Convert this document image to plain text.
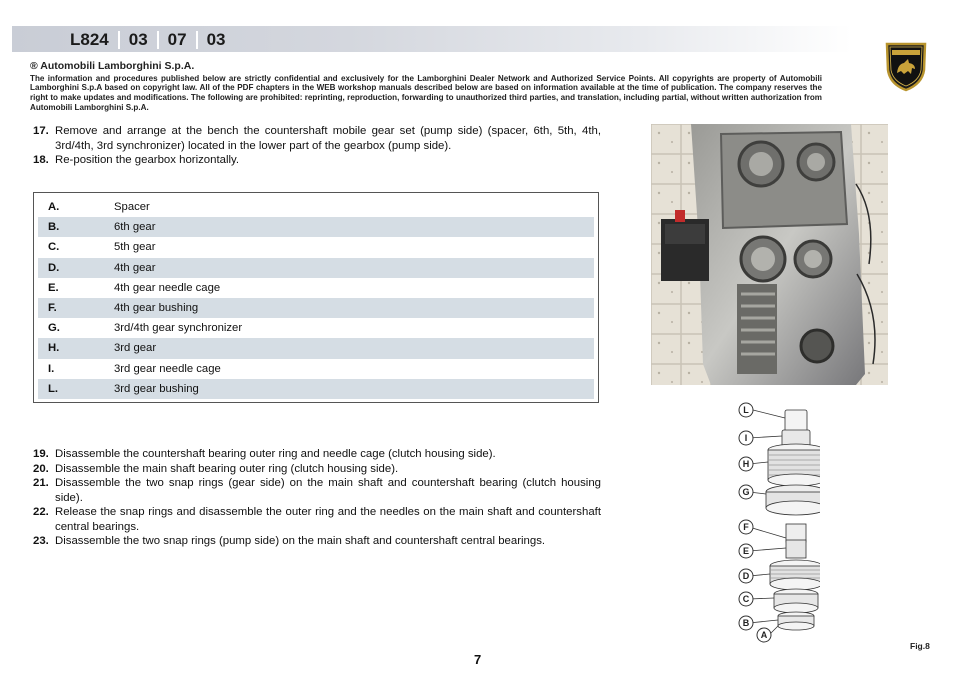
L824	03	07	03
® Automobili Lamborghini S.p.A.
The information and procedures published below are strictly confidential and exclusively for the Lamborghini Dealer Network and Authorized Service Points. All copyrights are property of Automobili Lamborghini S.p.A based on copyright law. All of the PDF chapters in the WEB workshop manuals described below are based on information available at the time of publication. The company reserves the right to make updates and modifications. The following are prohibited: reprinting, reproduction, forwarding to unauthorized third parties, and translation, including partial, without written authorization from Automobili Lamborghini S.p.A.
17. Remove and arrange at the bench the countershaft mobile gear set (pump side) (spacer, 6th, 5th, 4th, 3rd/4th, 3rd synchronizer) located in the lower part of the gearbox (pump side).
18. Re-position the gearbox horizontally.
A.	Spacer
B.	6th gear
C.	5th gear
D.	4th gear
E.	4th gear needle cage
F.	4th gear bushing
G.	3rd/4th gear synchronizer
H.	3rd gear
I.	3rd gear needle cage
L.	3rd gear bushing
19. Disassemble the countershaft bearing outer ring and needle cage (clutch housing side).
20. Disassemble the main shaft bearing outer ring (clutch housing side).
21. Disassemble the two snap rings (gear side) on the main shaft and countershaft bearing (clutch housing side).
22. Release the snap rings and disassemble the outer ring and the needles on the main shaft and countershaft central bearings.
23. Disassemble the two snap rings (pump side) on the main shaft and countershaft central bearings.
L
I
H
G
F
E
D
C
B
A
Fig.8
7
